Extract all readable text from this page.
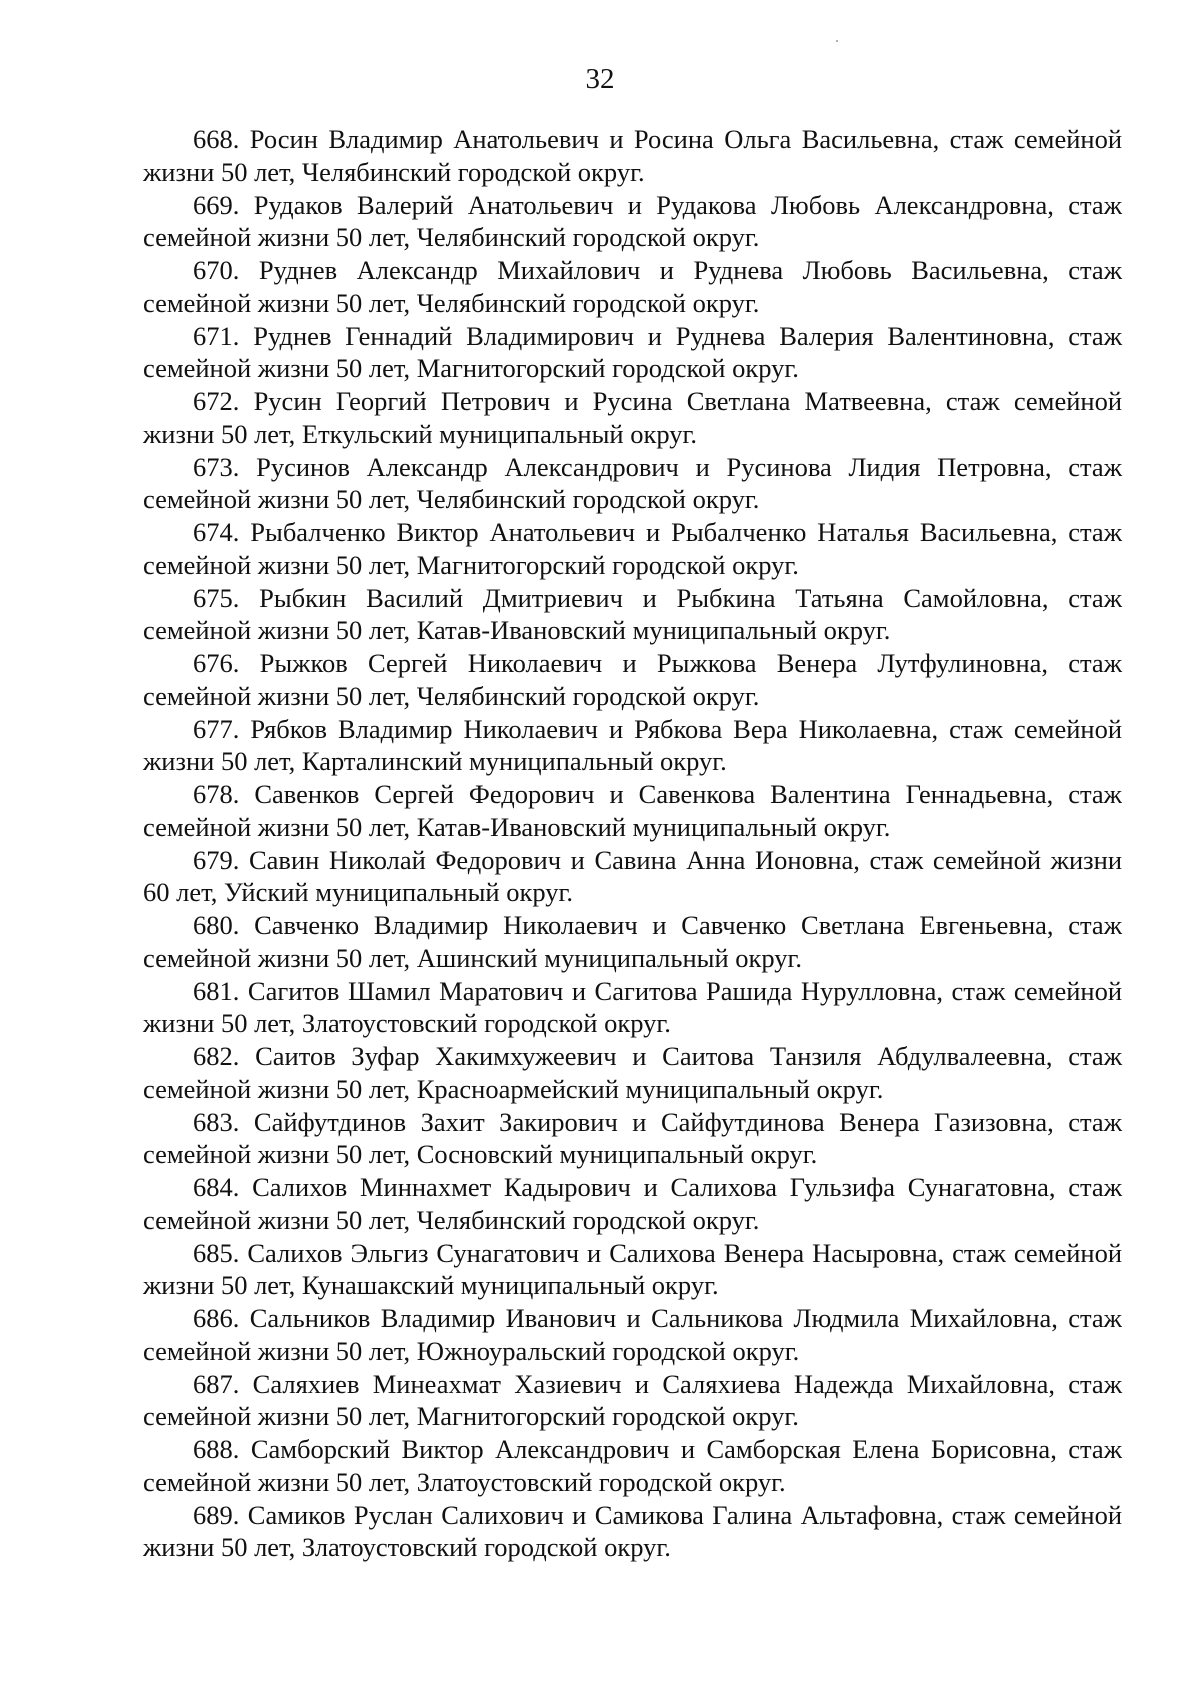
32
668. Росин Владимир Анатольевич и Росина Ольга Васильевна, стаж семейной жизни 50 лет, Челябинский городской округ.
669. Рудаков Валерий Анатольевич и Рудакова Любовь Александровна, стаж семейной жизни 50 лет, Челябинский городской округ.
670. Руднев Александр Михайлович и Руднева Любовь Васильевна, стаж семейной жизни 50 лет, Челябинский городской округ.
671. Руднев Геннадий Владимирович и Руднева Валерия Валентиновна, стаж семейной жизни 50 лет, Магнитогорский городской округ.
672. Русин Георгий Петрович и Русина Светлана Матвеевна, стаж семейной жизни 50 лет, Еткульский муниципальный округ.
673. Русинов Александр Александрович и Русинова Лидия Петровна, стаж семейной жизни 50 лет, Челябинский городской округ.
674. Рыбалченко Виктор Анатольевич и Рыбалченко Наталья Васильевна, стаж семейной жизни 50 лет, Магнитогорский городской округ.
675. Рыбкин Василий Дмитриевич и Рыбкина Татьяна Самойловна, стаж семейной жизни 50 лет, Катав-Ивановский муниципальный округ.
676. Рыжков Сергей Николаевич и Рыжкова Венера Лутфулиновна, стаж семейной жизни 50 лет, Челябинский городской округ.
677. Рябков Владимир Николаевич и Рябкова Вера Николаевна, стаж семейной жизни 50 лет, Карталинский муниципальный округ.
678. Савенков Сергей Федорович и Савенкова Валентина Геннадьевна, стаж семейной жизни 50 лет, Катав-Ивановский муниципальный округ.
679. Савин Николай Федорович и Савина Анна Ионовна, стаж семейной жизни 60 лет, Уйский муниципальный округ.
680. Савченко Владимир Николаевич и Савченко Светлана Евгеньевна, стаж семейной жизни 50 лет, Ашинский муниципальный округ.
681. Сагитов Шамил Маратович и Сагитова Рашида Нурулловна, стаж семейной жизни 50 лет, Златоустовский городской округ.
682. Саитов Зуфар Хакимхужеевич и Саитова Танзиля Абдулвалеевна, стаж семейной жизни 50 лет, Красноармейский муниципальный округ.
683. Сайфутдинов Захит Закирович и Сайфутдинова Венера Газизовна, стаж семейной жизни 50 лет, Сосновский муниципальный округ.
684. Салихов Миннахмет Кадырович и Салихова Гульзифа Сунагатовна, стаж семейной жизни 50 лет, Челябинский городской округ.
685. Салихов Эльгиз Сунагатович и Салихова Венера Насыровна, стаж семейной жизни 50 лет, Кунашакский муниципальный округ.
686. Сальников Владимир Иванович и Сальникова Людмила Михайловна, стаж семейной жизни 50 лет, Южноуральский городской округ.
687. Саляхиев Минеахмат Хазиевич и Саляхиева Надежда Михайловна, стаж семейной жизни 50 лет, Магнитогорский городской округ.
688. Самборский Виктор Александрович и Самборская Елена Борисовна, стаж семейной жизни 50 лет, Златоустовский городской округ.
689. Самиков Руслан Салихович и Самикова Галина Альтафовна, стаж семейной жизни 50 лет, Златоустовский городской округ.
